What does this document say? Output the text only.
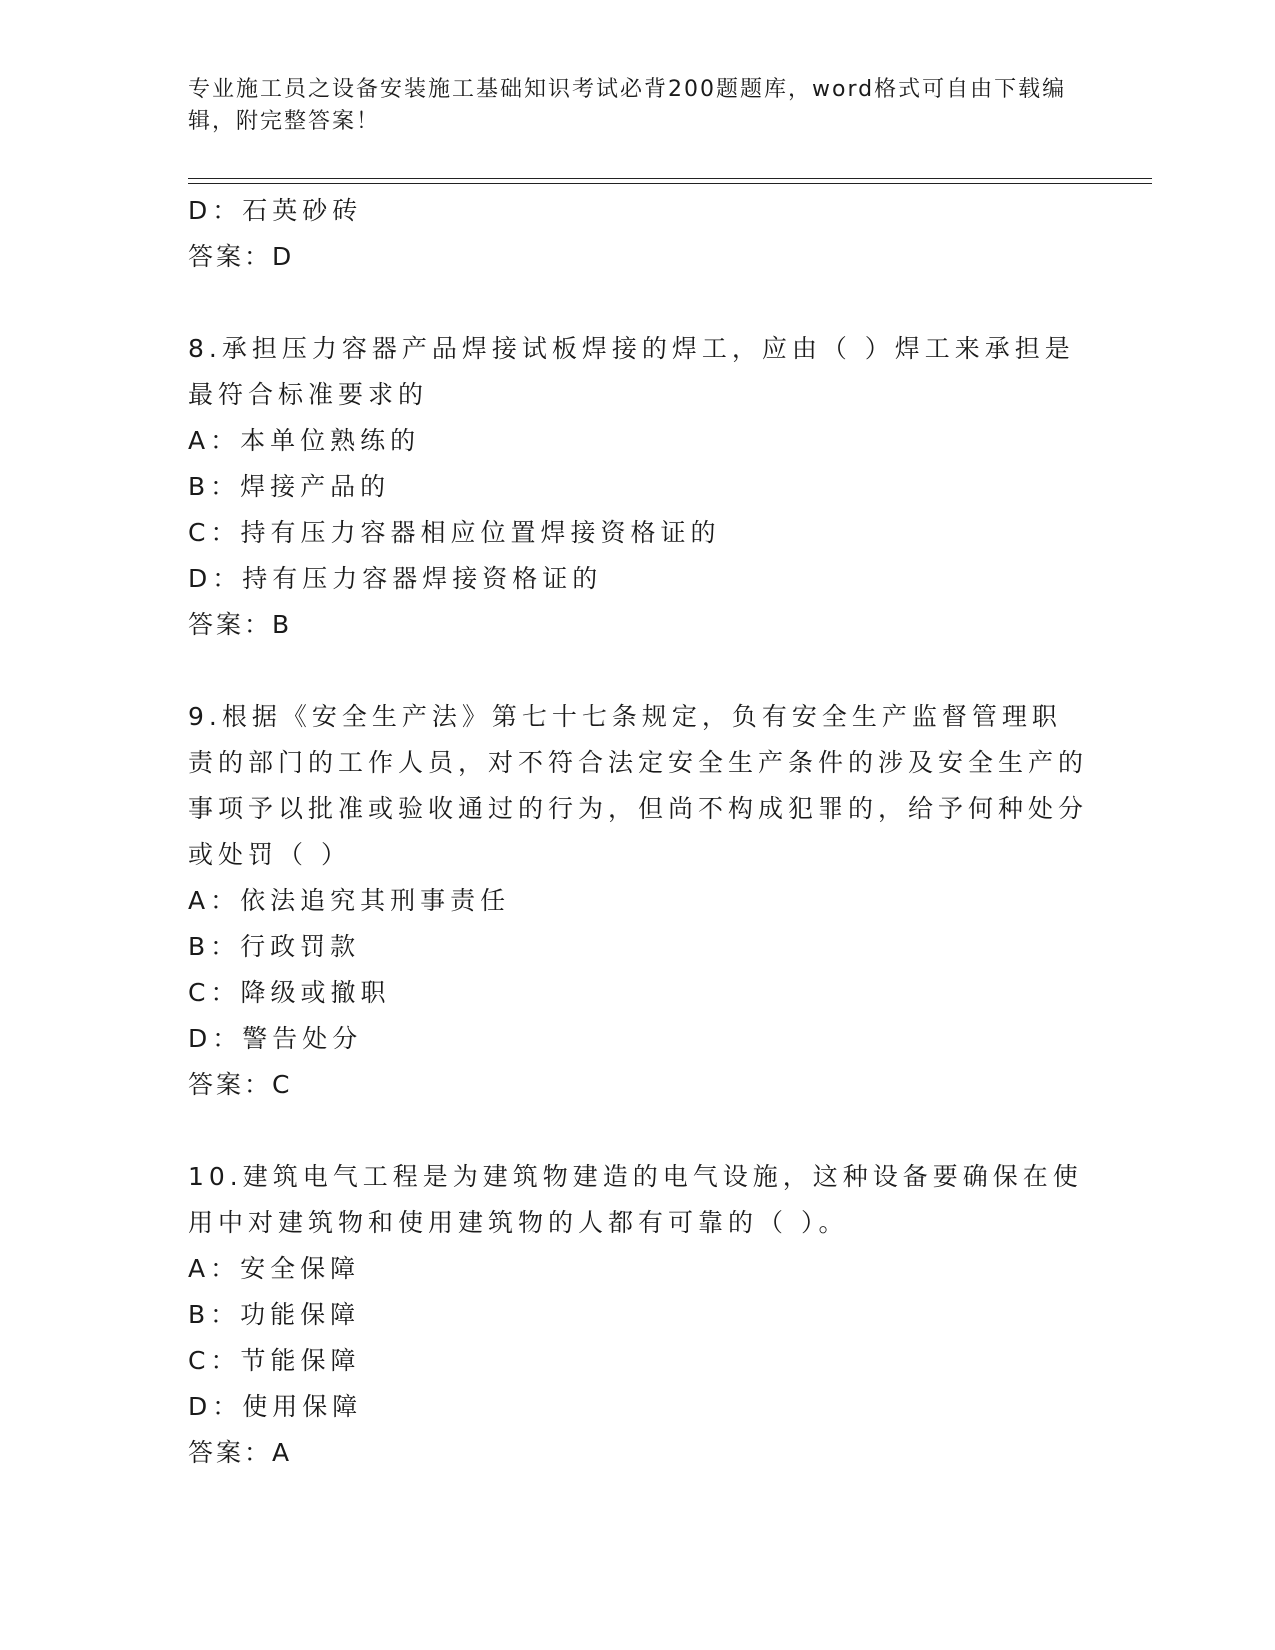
专业施工员之设备安装施工基础知识考试必背200题题库，word格式可自由下载编辑，附完整答案！
D：石英砂砖
答案：D
8.承担压力容器产品焊接试板焊接的焊工，应由（ ）焊工来承担是最符合标准要求的
A：本单位熟练的
B：焊接产品的
C：持有压力容器相应位置焊接资格证的
D：持有压力容器焊接资格证的
答案：B
9.根据《安全生产法》第七十七条规定，负有安全生产监督管理职责的部门的工作人员，对不符合法定安全生产条件的涉及安全生产的事项予以批准或验收通过的行为，但尚不构成犯罪的，给予何种处分或处罚（ ）
A：依法追究其刑事责任
B：行政罚款
C：降级或撤职
D：警告处分
答案：C
10.建筑电气工程是为建筑物建造的电气设施，这种设备要确保在使用中对建筑物和使用建筑物的人都有可靠的（ ）。
A：安全保障
B：功能保障
C：节能保障
D：使用保障
答案：A
